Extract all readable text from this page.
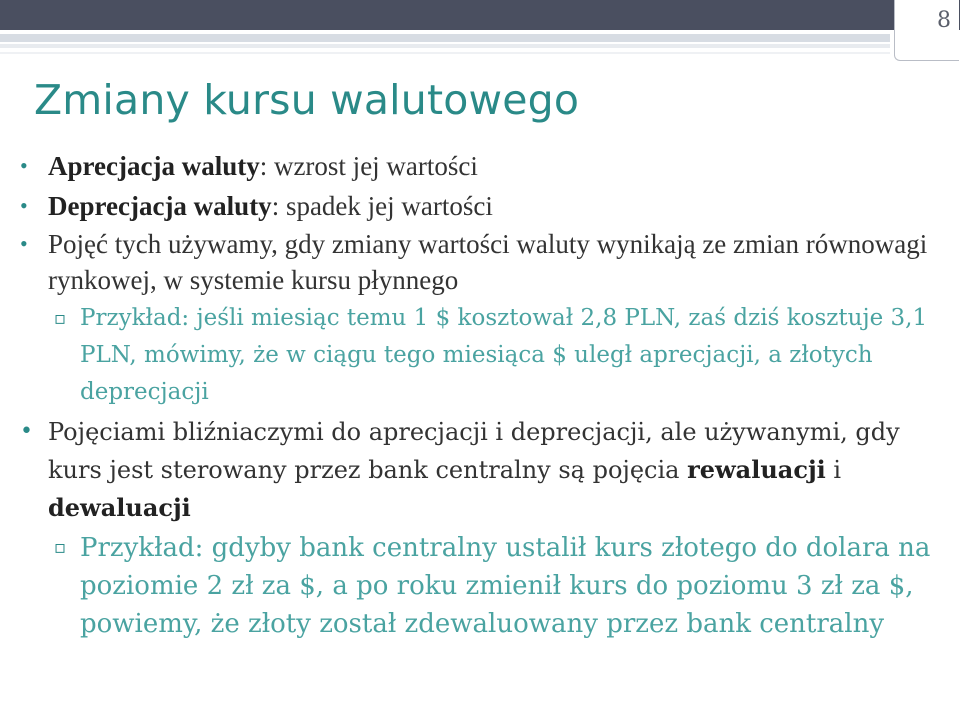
8
Zmiany kursu walutowego
• Aprecjacja waluty: wzrost jej wartości
• Deprecjacja waluty: spadek jej wartości
• Pojęć tych używamy, gdy zmiany wartości waluty wynikają ze zmian równowagi rynkowej, w systemie kursu płynnego
▫ Przykład: jeśli miesiąc temu 1 $ kosztował 2,8 PLN, zaś dziś kosztuje 3,1 PLN, mówimy, że w ciągu tego miesiąca $ uległ aprecjacji, a złotych deprecjacji
• Pojęciami bliźniaczymi do aprecjacji i deprecjacji, ale używanymi, gdy kurs jest sterowany przez bank centralny są pojęcia rewaluacji i dewaluacji
▫ Przykład: gdyby bank centralny ustalił kurs złotego do dolara na poziomie 2 zł za $, a po roku zmienił kurs do poziomu 3 zł za $, powiemy, że złoty został zdewaluowany przez bank centralny
